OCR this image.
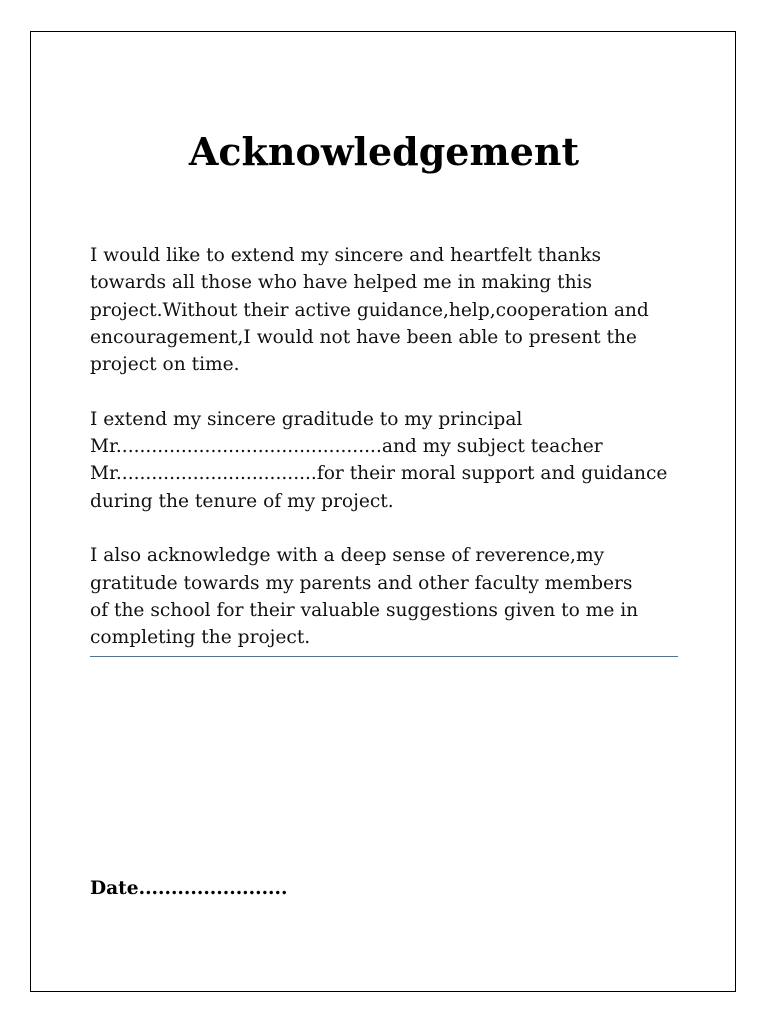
Acknowledgement

I would like to extend my sincere and heartfelt thanks
towards all those who have helped me in making this
project.Without their active guidance,help,cooperation and
encouragement,I would not have been able to present the
project on time.

I extend my sincere graditude to my principal
Mr.............................................and my subject teacher
Mr..................................for their moral support and guidance
during the tenure of my project.

I also acknowledge with a deep sense of reverence,my
gratitude towards my parents and other faculty members
of the school for their valuable suggestions given to me in
completing the project.

Date.......................
